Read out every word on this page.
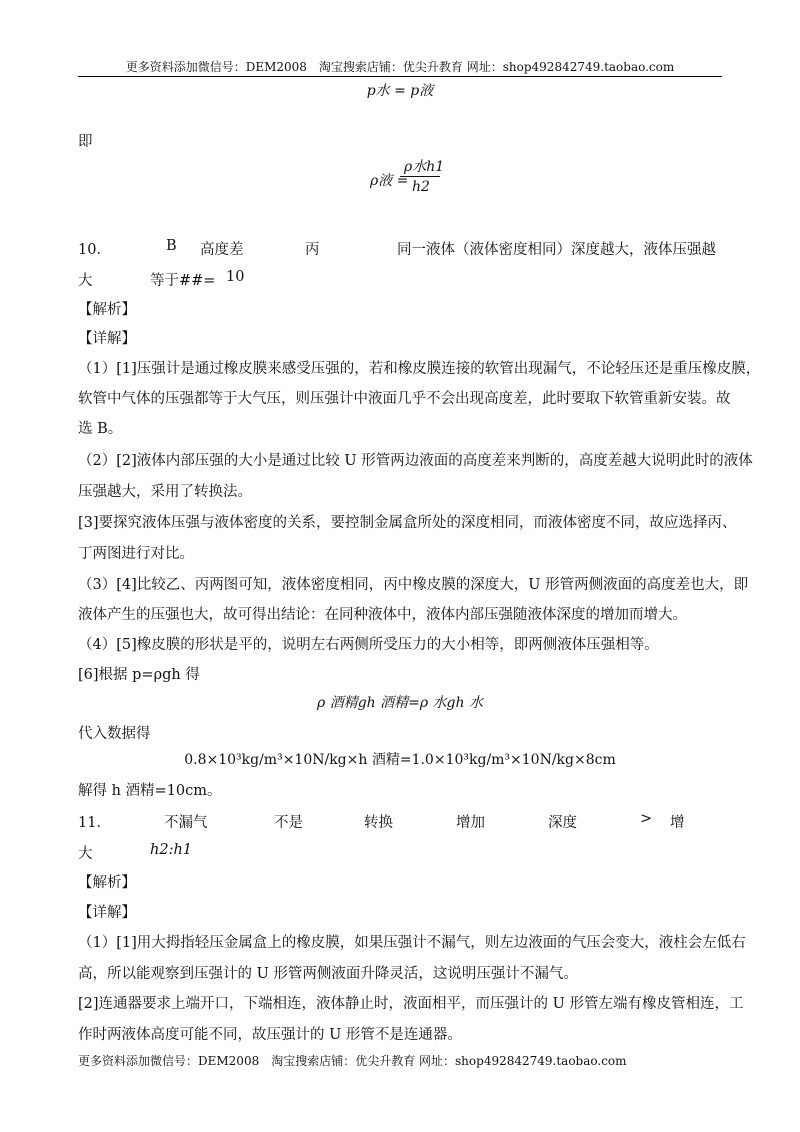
更多资料添加微信号：DEM2008　淘宝搜索店铺：优尖升教育 网址：shop492842749.taobao.com
p水 = p液
即
ρ液 =
ρ水h1
h2
10．	B 高度差	丙	同一液体（液体密度相同）深度越大，液体压强越
大	等于##= 10
【解析】
【详解】
（1）[1]压强计是通过橡皮膜来感受压强的，若和橡皮膜连接的软管出现漏气，不论轻压还是重压橡皮膜，
软管中气体的压强都等于大气压，则压强计中液面几乎不会出现高度差，此时要取下软管重新安装。故
选 B。
（2）[2]液体内部压强的大小是通过比较 U 形管两边液面的高度差来判断的，高度差越大说明此时的液体
压强越大，采用了转换法。
[3]要探究液体压强与液体密度的关系，要控制金属盒所处的深度相同，而液体密度不同，故应选择丙、
丁两图进行对比。
（3）[4]比较乙、丙两图可知，液体密度相同，丙中橡皮膜的深度大，U 形管两侧液面的高度差也大，即
液体产生的压强也大，故可得出结论：在同种液体中，液体内部压强随液体深度的增加而增大。
（4）[5]橡皮膜的形状是平的，说明左右两侧所受压力的大小相等，即两侧液体压强相等。
[6]根据 p=ρgh 得
ρ 酒精gh 酒精=ρ 水gh 水
代入数据得
0.8×10³kg/m³×10N/kg×h 酒精=1.0×10³kg/m³×10N/kg×8cm
解得 h 酒精=10cm。
11．	不漏气	不是	转换	增加	深度	> 增
大	h2:h1
【解析】
【详解】
（1）[1]用大拇指轻压金属盒上的橡皮膜，如果压强计不漏气，则左边液面的气压会变大，液柱会左低右
高，所以能观察到压强计的 U 形管两侧液面升降灵活，这说明压强计不漏气。
[2]连通器要求上端开口，下端相连，液体静止时，液面相平，而压强计的 U 形管左端有橡皮管相连，工
作时两液体高度可能不同，故压强计的 U 形管不是连通器。
更多资料添加微信号：DEM2008　淘宝搜索店铺：优尖升教育 网址：shop492842749.taobao.com
